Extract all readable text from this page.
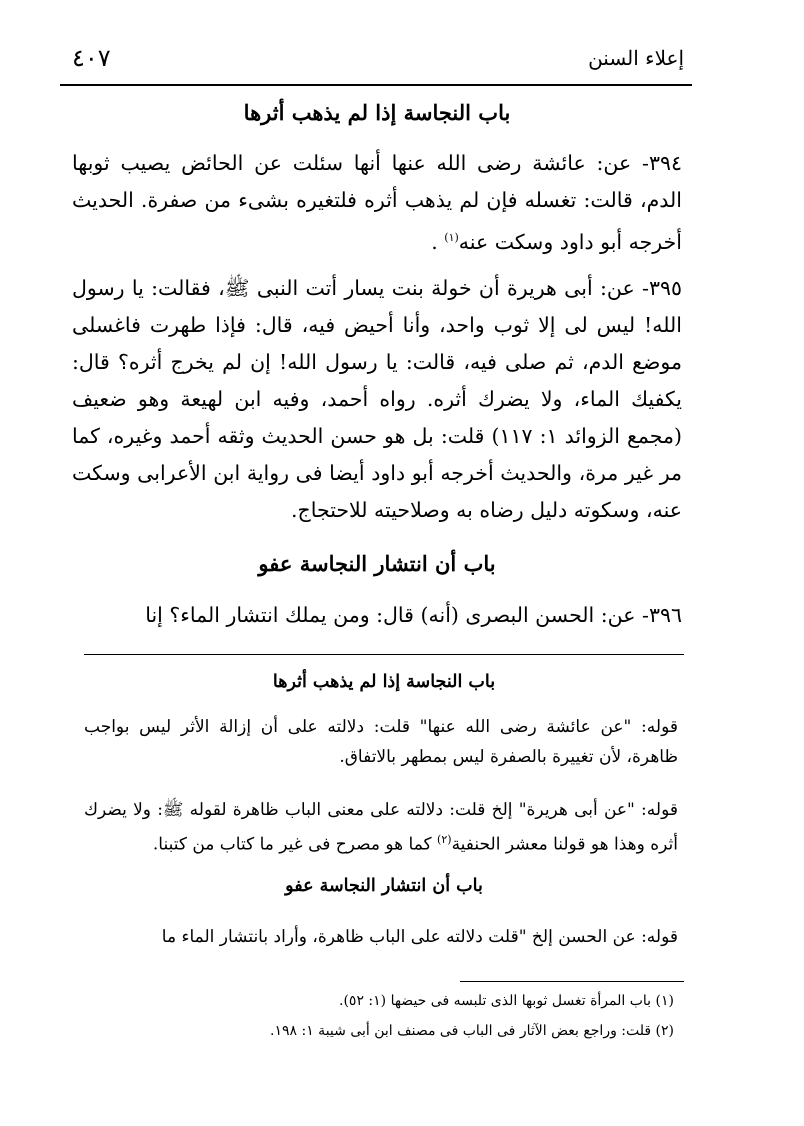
٤٠٧	إعلاء السنن
باب النجاسة إذا لم يذهب أثرها
٣٩٤- عن: عائشة رضى الله عنها أنها سئلت عن الحائض يصيب ثوبها الدم، قالت: تغسله فإن لم يذهب أثره فلتغيره بشىء من صفرة. الحديث أخرجه أبو داود وسكت عنه$^{(١)}$ .
٣٩٥- عن: أبى هريرة أن خولة بنت يسار أتت النبى ﷺ، فقالت: يا رسول الله! ليس لى إلا ثوب واحد، وأنا أحيض فيه، قال: فإذا طهرت فاغسلى موضع الدم، ثم صلى فيه، قالت: يا رسول الله! إن لم يخرج أثره؟ قال: يكفيك الماء، ولا يضرك أثره. رواه أحمد، وفيه ابن لهيعة وهو ضعيف (مجمع الزوائد ١: ١١٧) قلت: بل هو حسن الحديث وثقه أحمد وغيره، كما مر غير مرة، والحديث أخرجه أبو داود أيضا فى رواية ابن الأعرابى وسكت عنه، وسكوته دليل رضاه به وصلاحيته للاحتجاج.
باب أن انتشار النجاسة عفو
٣٩٦- عن: الحسن البصرى (أنه) قال: ومن يملك انتشار الماء؟ إنا
باب النجاسة إذا لم يذهب أثرها
قوله: "عن عائشة رضى الله عنها" قلت: دلالته على أن إزالة الأثر ليس بواجب ظاهرة، لأن تغييرة بالصفرة ليس بمطهر بالاتفاق.
قوله: "عن أبى هريرة" إلخ قلت: دلالته على معنى الباب ظاهرة لقوله ﷺ: ولا يضرك أثره وهذا هو قولنا معشر الحنفية$^{(٢)}$ كما هو مصرح فى غير ما كتاب من كتبنا.
باب أن انتشار النجاسة عفو
قوله: عن الحسن إلخ "قلت دلالته على الباب ظاهرة، وأراد بانتشار الماء ما
(١) باب المرأة تغسل ثوبها الذى تلبسه فى حيضها (١: ٥٢).
(٢) قلت: وراجع بعض الآثار فى الباب فى مصنف ابن أبى شيبة ١: ١٩٨.
